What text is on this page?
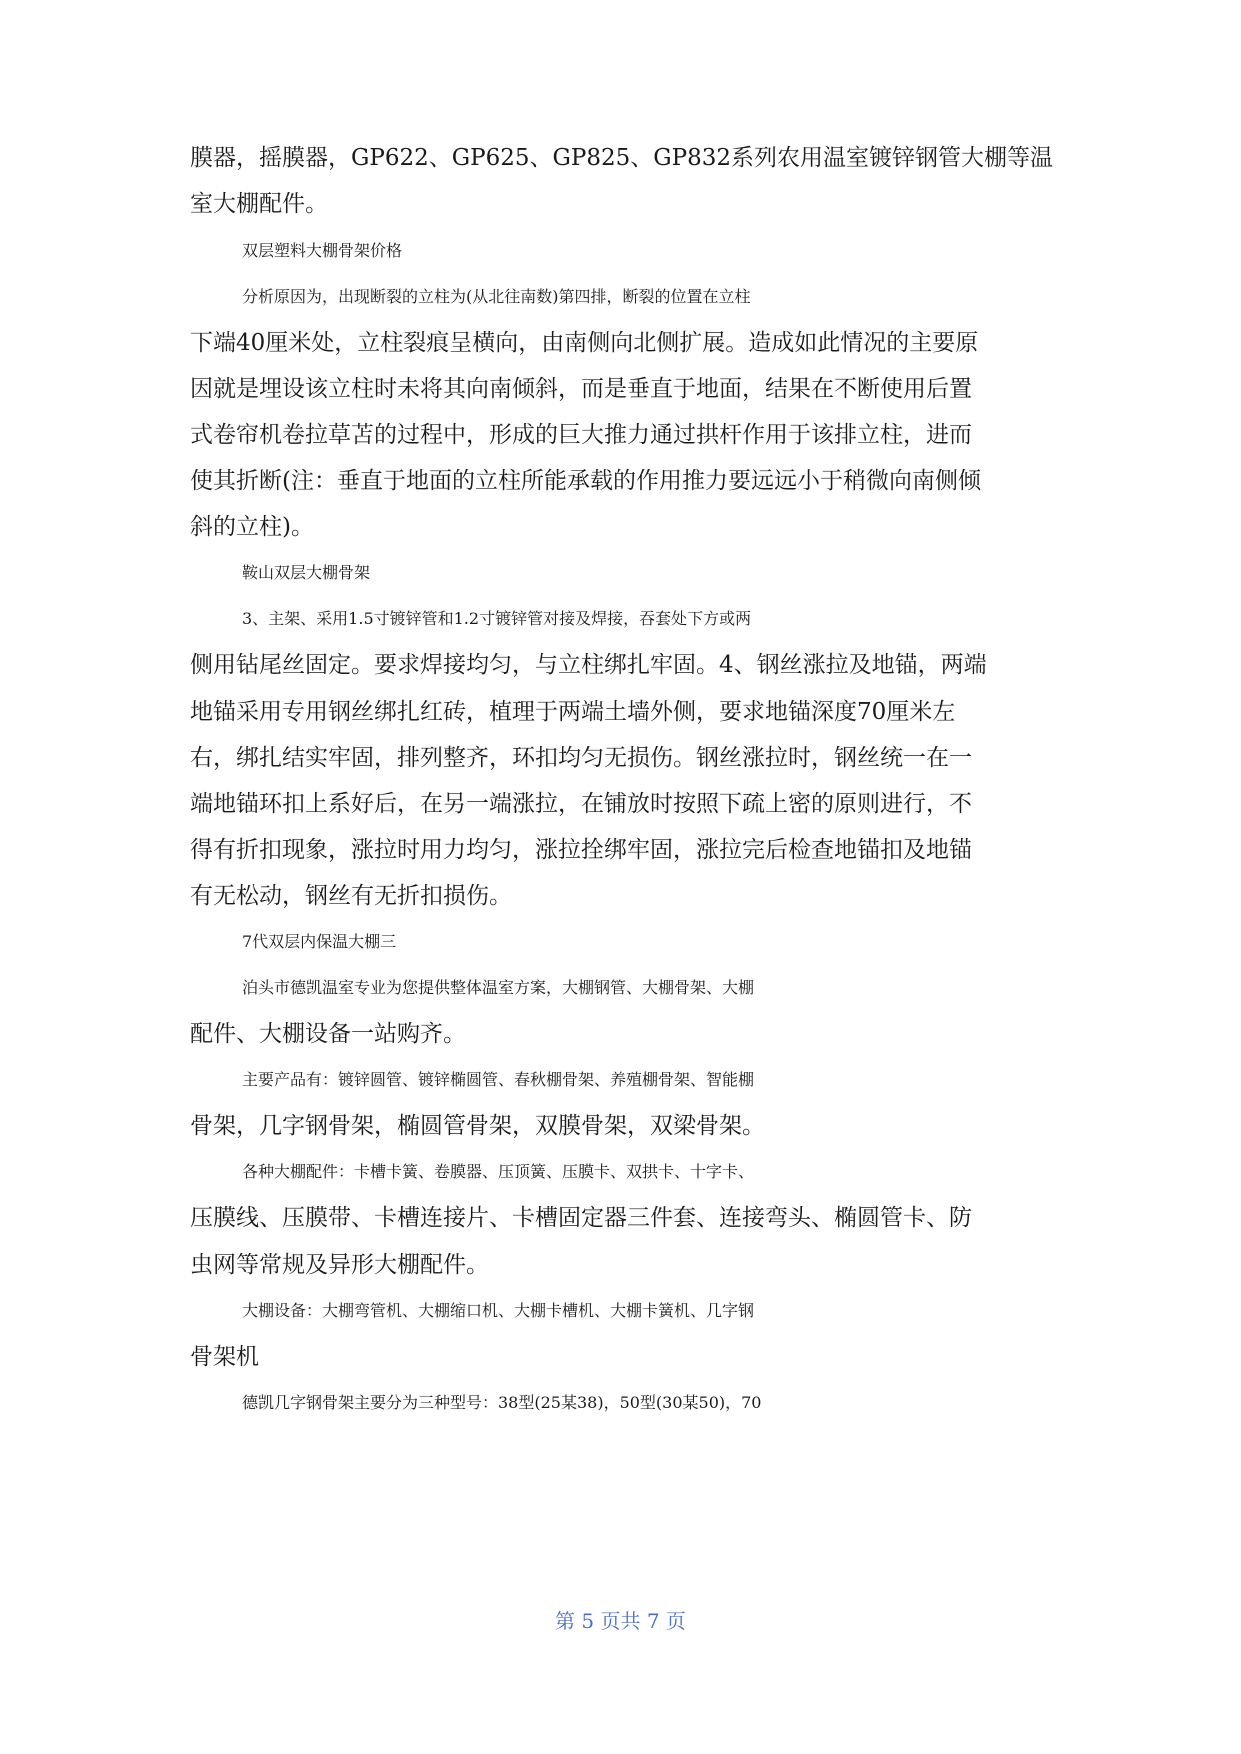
膜器，摇膜器，GP622、GP625、GP825、GP832系列农用温室镀锌钢管大棚等温

室大棚配件。

双层塑料大棚骨架价格

分析原因为，出现断裂的立柱为(从北往南数)第四排，断裂的位置在立柱

下端40厘米处，立柱裂痕呈横向，由南侧向北侧扩展。造成如此情况的主要原

因就是埋设该立柱时未将其向南倾斜，而是垂直于地面，结果在不断使用后置

式卷帘机卷拉草苫的过程中，形成的巨大推力通过拱杆作用于该排立柱，进而

使其折断(注：垂直于地面的立柱所能承载的作用推力要远远小于稍微向南侧倾

斜的立柱)。

鞍山双层大棚骨架

3、主架、采用1.5寸镀锌管和1.2寸镀锌管对接及焊接，吞套处下方或两

侧用钻尾丝固定。要求焊接均匀，与立柱绑扎牢固。4、钢丝涨拉及地锚，两端

地锚采用专用钢丝绑扎红砖，植理于两端土墙外侧，要求地锚深度70厘米左

右，绑扎结实牢固，排列整齐，环扣均匀无损伤。钢丝涨拉时，钢丝统一在一

端地锚环扣上系好后，在另一端涨拉，在铺放时按照下疏上密的原则进行，不

得有折扣现象，涨拉时用力均匀，涨拉拴绑牢固，涨拉完后检查地锚扣及地锚

有无松动，钢丝有无折扣损伤。

7代双层内保温大棚三

泊头市德凯温室专业为您提供整体温室方案，大棚钢管、大棚骨架、大棚

配件、大棚设备一站购齐。

主要产品有：镀锌圆管、镀锌椭圆管、春秋棚骨架、养殖棚骨架、智能棚

骨架，几字钢骨架，椭圆管骨架，双膜骨架，双梁骨架。

各种大棚配件：卡槽卡簧、卷膜器、压顶簧、压膜卡、双拱卡、十字卡、

压膜线、压膜带、卡槽连接片、卡槽固定器三件套、连接弯头、椭圆管卡、防

虫网等常规及异形大棚配件。

大棚设备：大棚弯管机、大棚缩口机、大棚卡槽机、大棚卡簧机、几字钢

骨架机

德凯几字钢骨架主要分为三种型号：38型(25某38)，50型(30某50)，70

第 5 页共 7 页
